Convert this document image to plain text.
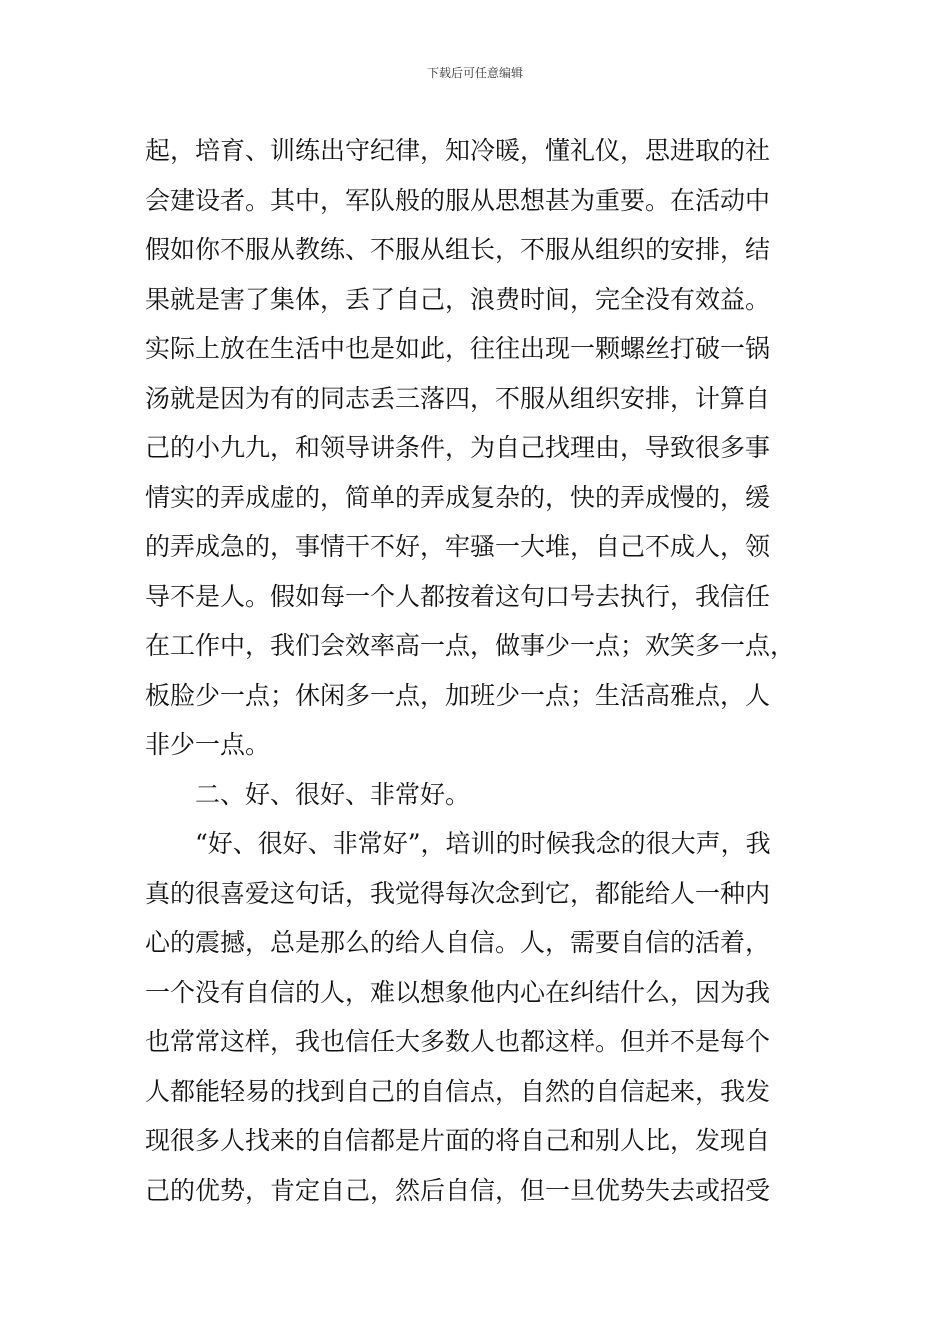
下载后可任意编辑
起，培育、训练出守纪律，知冷暖，懂礼仪，思进取的社
会建设者。其中，军队般的服从思想甚为重要。在活动中
假如你不服从教练、不服从组长，不服从组织的安排，结
果就是害了集体，丢了自己，浪费时间，完全没有效益。
实际上放在生活中也是如此，往往出现一颗螺丝打破一锅
汤就是因为有的同志丢三落四，不服从组织安排，计算自
己的小九九，和领导讲条件，为自己找理由，导致很多事
情实的弄成虚的，简单的弄成复杂的，快的弄成慢的，缓
的弄成急的，事情干不好，牢骚一大堆，自己不成人，领
导不是人。假如每一个人都按着这句口号去执行，我信任
在工作中，我们会效率高一点，做事少一点；欢笑多一点，
板脸少一点；休闲多一点，加班少一点；生活高雅点，人
非少一点。
二、好、很好、非常好。
“好、很好、非常好”，培训的时候我念的很大声，我
真的很喜爱这句话，我觉得每次念到它，都能给人一种内
心的震撼，总是那么的给人自信。人，需要自信的活着，
一个没有自信的人，难以想象他内心在纠结什么，因为我
也常常这样，我也信任大多数人也都这样。但并不是每个
人都能轻易的找到自己的自信点，自然的自信起来，我发
现很多人找来的自信都是片面的将自己和别人比，发现自
己的优势，肯定自己，然后自信，但一旦优势失去或招受
